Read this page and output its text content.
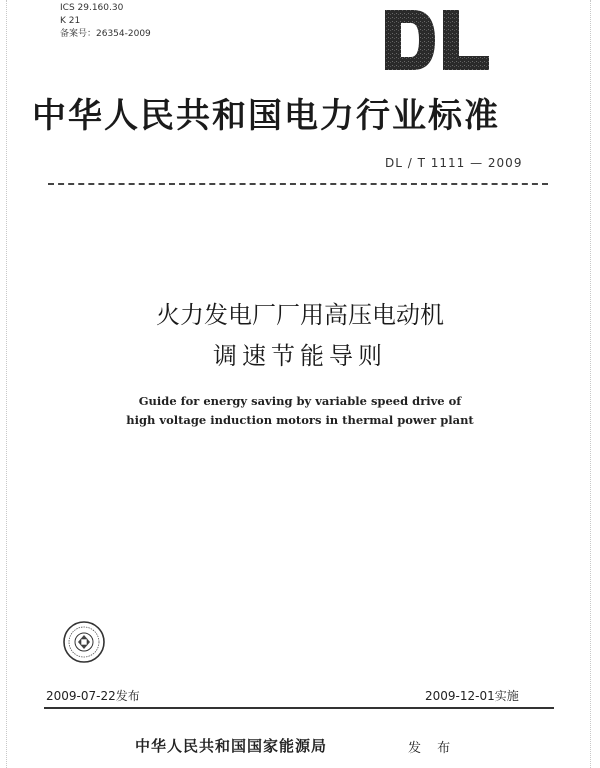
ICS 29.160.30
K 21
备案号：26354-2009
中华人民共和国电力行业标准
DL / T 1111 — 2009
火力发电厂厂用高压电动机
调速节能导则
Guide for energy saving by variable speed drive of
high voltage induction motors in thermal power plant
2009-07-22发布	2009-12-01实施
中华人民共和国国家能源局	发 布
